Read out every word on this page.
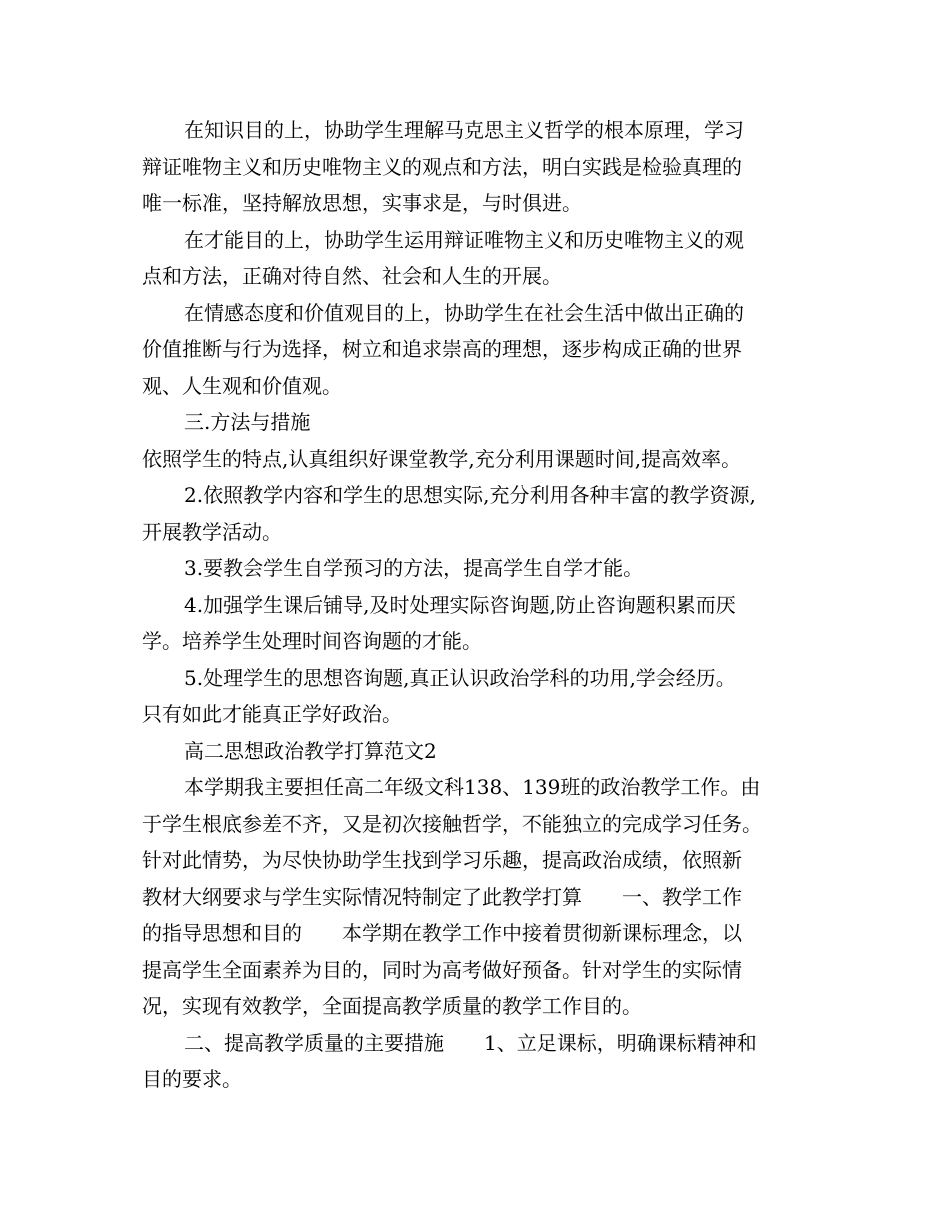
在知识目的上，协助学生理解马克思主义哲学的根本原理，学习
辩证唯物主义和历史唯物主义的观点和方法，明白实践是检验真理的
唯一标准，坚持解放思想，实事求是，与时俱进。
在才能目的上，协助学生运用辩证唯物主义和历史唯物主义的观
点和方法，正确对待自然、社会和人生的开展。
在情感态度和价值观目的上，协助学生在社会生活中做出正确的
价值推断与行为选择，树立和追求崇高的理想，逐步构成正确的世界
观、人生观和价值观。
三.方法与措施
依照学生的特点,认真组织好课堂教学,充分利用课题时间,提高效率。
2.依照教学内容和学生的思想实际,充分利用各种丰富的教学资源,
开展教学活动。
3.要教会学生自学预习的方法，提高学生自学才能。
4.加强学生课后铺导,及时处理实际咨询题,防止咨询题积累而厌
学。培养学生处理时间咨询题的才能。
5.处理学生的思想咨询题,真正认识政治学科的功用,学会经历。
只有如此才能真正学好政治。
高二思想政治教学打算范文2
本学期我主要担任高二年级文科138、139班的政治教学工作。由
于学生根底参差不齐，又是初次接触哲学，不能独立的完成学习任务。
针对此情势，为尽快协助学生找到学习乐趣，提高政治成绩，依照新
教材大纲要求与学生实际情况特制定了此教学打算　　一、教学工作
的指导思想和目的　　本学期在教学工作中接着贯彻新课标理念，以
提高学生全面素养为目的，同时为高考做好预备。针对学生的实际情
况，实现有效教学，全面提高教学质量的教学工作目的。
二、提高教学质量的主要措施　　1、立足课标，明确课标精神和
目的要求。
